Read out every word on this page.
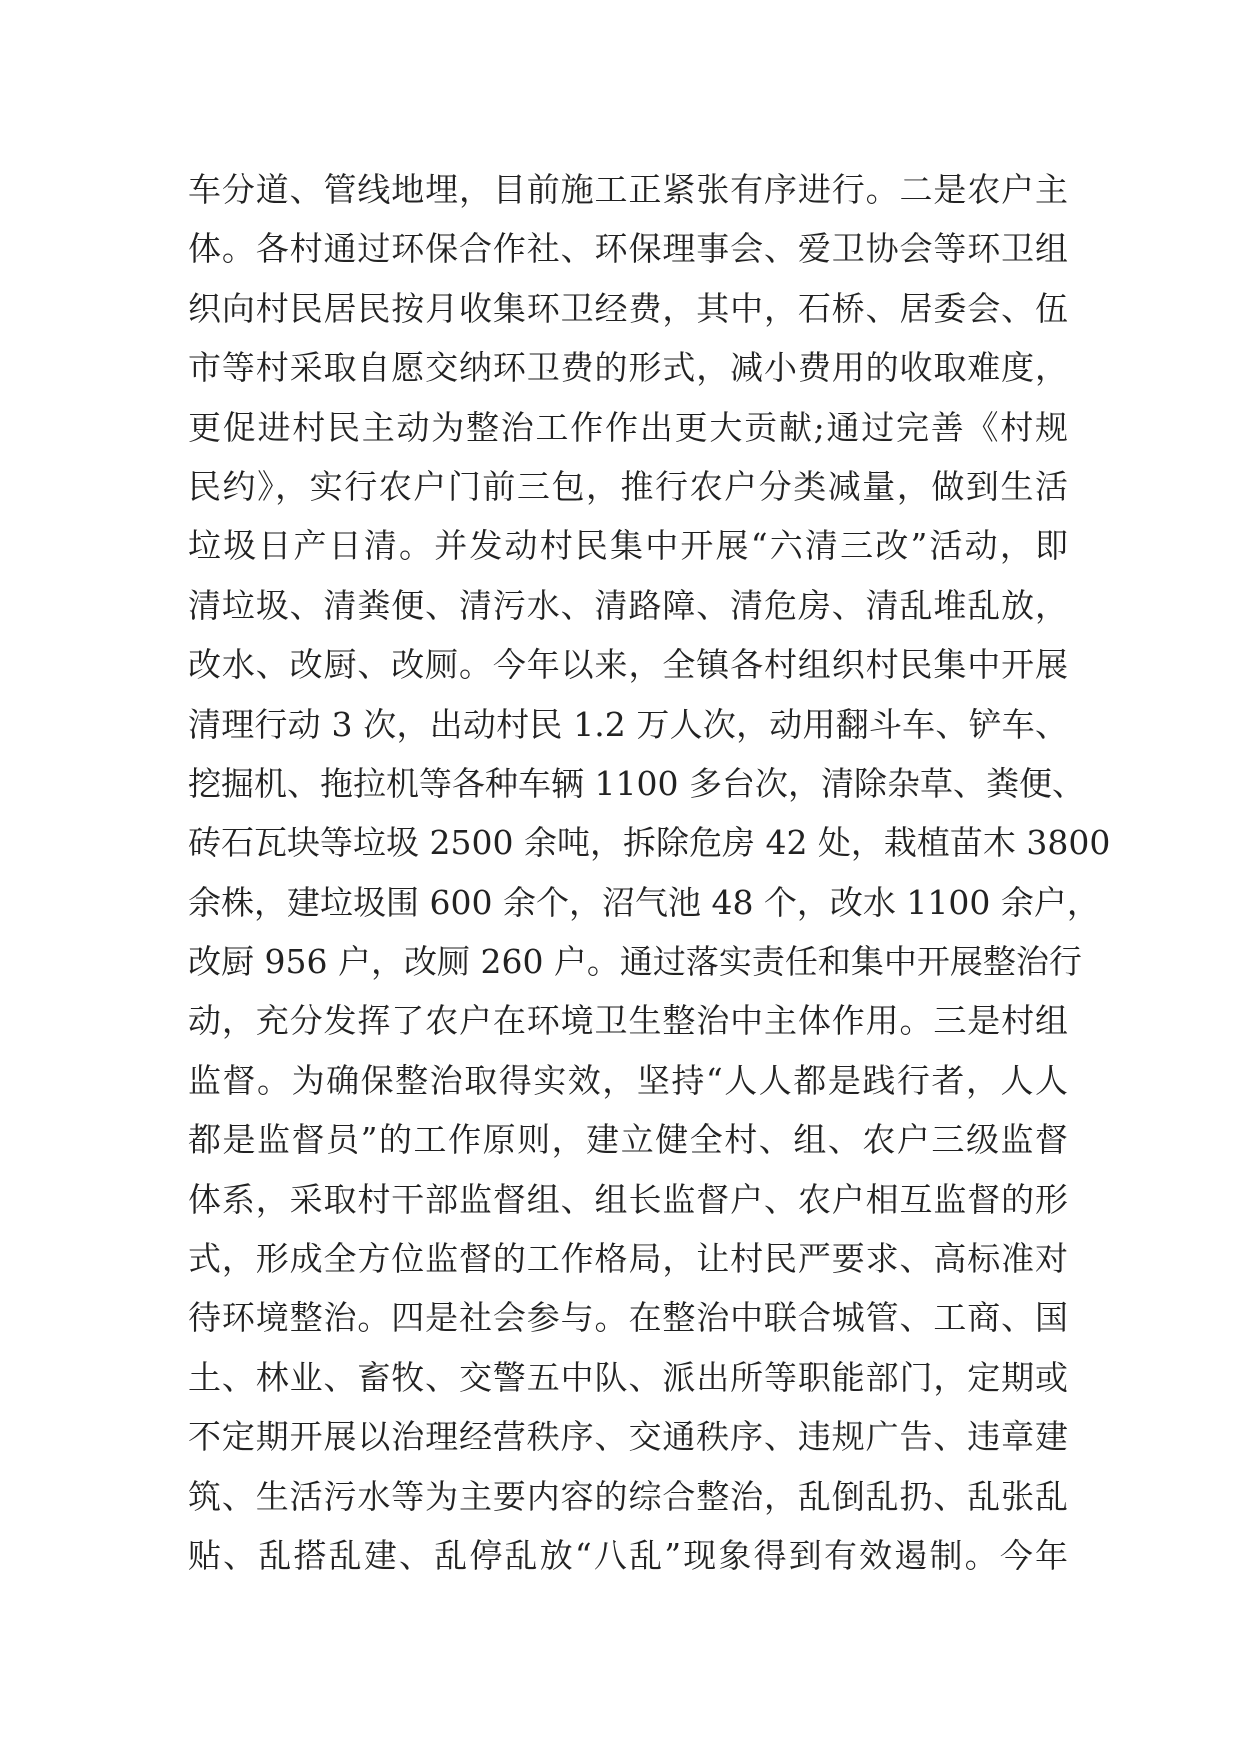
车分道、管线地埋，目前施工正紧张有序进行。二是农户主
体。各村通过环保合作社、环保理事会、爱卫协会等环卫组
织向村民居民按月收集环卫经费，其中，石桥、居委会、伍
市等村采取自愿交纳环卫费的形式，减小费用的收取难度，
更促进村民主动为整治工作作出更大贡献;通过完善《村规
民约》，实行农户门前三包，推行农户分类减量，做到生活
垃圾日产日清。并发动村民集中开展“六清三改”活动，即
清垃圾、清粪便、清污水、清路障、清危房、清乱堆乱放，
改水、改厨、改厕。今年以来，全镇各村组织村民集中开展
清理行动 3 次，出动村民 1.2 万人次，动用翻斗车、铲车、
挖掘机、拖拉机等各种车辆 1100 多台次，清除杂草、粪便、
砖石瓦块等垃圾 2500 余吨，拆除危房 42 处，栽植苗木 3800
余株，建垃圾围 600 余个，沼气池 48 个，改水 1100 余户，
改厨 956 户，改厕 260 户。通过落实责任和集中开展整治行
动，充分发挥了农户在环境卫生整治中主体作用。三是村组
监督。为确保整治取得实效，坚持“人人都是践行者，人人
都是监督员”的工作原则，建立健全村、组、农户三级监督
体系，采取村干部监督组、组长监督户、农户相互监督的形
式，形成全方位监督的工作格局，让村民严要求、高标准对
待环境整治。四是社会参与。在整治中联合城管、工商、国
土、林业、畜牧、交警五中队、派出所等职能部门，定期或
不定期开展以治理经营秩序、交通秩序、违规广告、违章建
筑、生活污水等为主要内容的综合整治，乱倒乱扔、乱张乱
贴、乱搭乱建、乱停乱放“八乱”现象得到有效遏制。今年
